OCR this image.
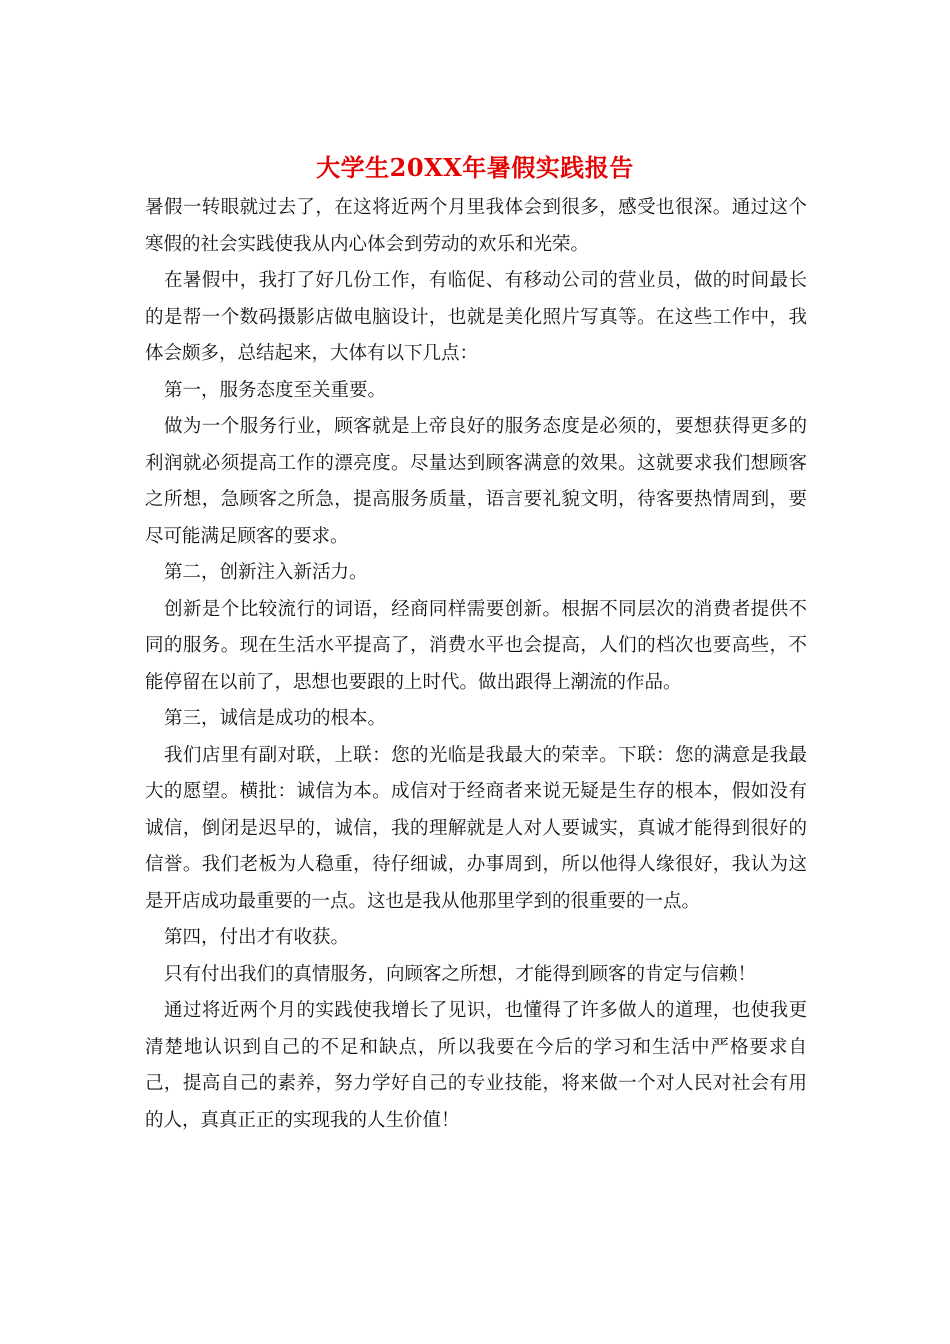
大学生20XX年暑假实践报告

暑假一转眼就过去了，在这将近两个月里我体会到很多，感受也很深。通过这个寒假的社会实践使我从内心体会到劳动的欢乐和光荣。

在暑假中，我打了好几份工作，有临促、有移动公司的营业员，做的时间最长的是帮一个数码摄影店做电脑设计，也就是美化照片写真等。在这些工作中，我体会颇多，总结起来，大体有以下几点：

第一，服务态度至关重要。

做为一个服务行业，顾客就是上帝良好的服务态度是必须的，要想获得更多的利润就必须提高工作的漂亮度。尽量达到顾客满意的效果。这就要求我们想顾客之所想，急顾客之所急，提高服务质量，语言要礼貌文明，待客要热情周到，要尽可能满足顾客的要求。

第二，创新注入新活力。

创新是个比较流行的词语，经商同样需要创新。根据不同层次的消费者提供不同的服务。现在生活水平提高了，消费水平也会提高，人们的档次也要高些，不能停留在以前了，思想也要跟的上时代。做出跟得上潮流的作品。

第三，诚信是成功的根本。

我们店里有副对联，上联：您的光临是我最大的荣幸。下联：您的满意是我最大的愿望。横批：诚信为本。成信对于经商者来说无疑是生存的根本，假如没有诚信，倒闭是迟早的，诚信，我的理解就是人对人要诚实，真诚才能得到很好的信誉。我们老板为人稳重，待仔细诚，办事周到，所以他得人缘很好，我认为这是开店成功最重要的一点。这也是我从他那里学到的很重要的一点。

第四，付出才有收获。

只有付出我们的真情服务，向顾客之所想，才能得到顾客的肯定与信赖！

通过将近两个月的实践使我增长了见识，也懂得了许多做人的道理，也使我更清楚地认识到自己的不足和缺点，所以我要在今后的学习和生活中严格要求自己，提高自己的素养，努力学好自己的专业技能，将来做一个对人民对社会有用的人，真真正正的实现我的人生价值！
